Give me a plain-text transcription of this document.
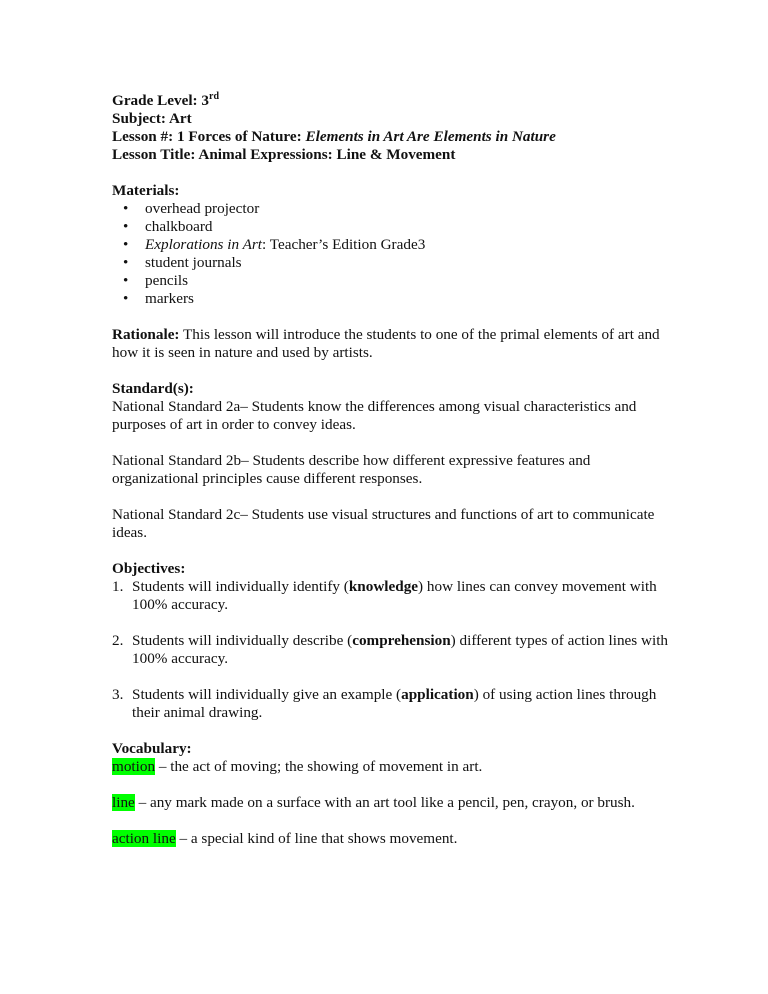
Grade Level: 3rd
Subject: Art
Lesson #: 1 Forces of Nature: Elements in Art Are Elements in Nature
Lesson Title: Animal Expressions: Line & Movement
Materials:
• overhead projector
• chalkboard
• Explorations in Art: Teacher’s Edition Grade3
• student journals
• pencils
• markers
Rationale: This lesson will introduce the students to one of the primal elements of art and how it is seen in nature and used by artists.
Standard(s):
National Standard 2a– Students know the differences among visual characteristics and purposes of art in order to convey ideas.
National Standard 2b– Students describe how different expressive features and organizational principles cause different responses.
National Standard 2c– Students use visual structures and functions of art to communicate ideas.
Objectives:
1. Students will individually identify (knowledge) how lines can convey movement with 100% accuracy.
2. Students will individually describe (comprehension) different types of action lines with 100% accuracy.
3. Students will individually give an example (application) of using action lines through their animal drawing.
Vocabulary:
motion – the act of moving; the showing of movement in art.
line – any mark made on a surface with an art tool like a pencil, pen, crayon, or brush.
action line – a special kind of line that shows movement.
